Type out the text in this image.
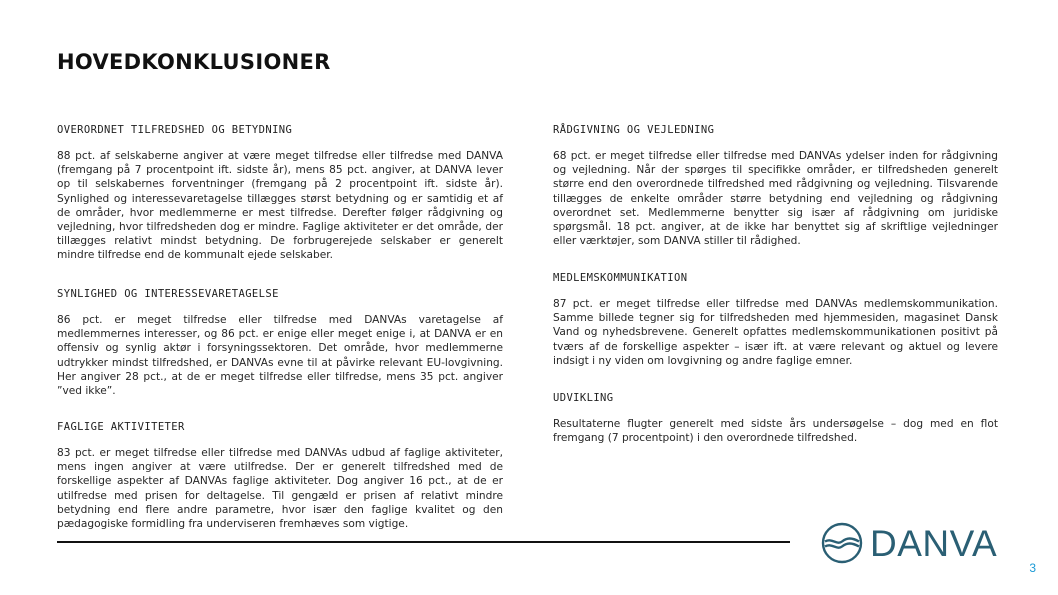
HOVEDKONKLUSIONER

OVERORDNET TILFREDSHED OG BETYDNING

88 pct. af selskaberne angiver at være meget tilfredse eller tilfredse med DANVA (fremgang på 7 procentpoint ift. sidste år), mens 85 pct. angiver, at DANVA lever op til selskabernes forventninger (fremgang på 2 procentpoint ift. sidste år). Synlighed og interessevaretagelse tillægges størst betydning og er samtidig et af de områder, hvor medlemmerne er mest tilfredse. Derefter følger rådgivning og vejledning, hvor tilfredsheden dog er mindre. Faglige aktiviteter er det område, der tillægges relativt mindst betydning. De forbrugerejede selskaber er generelt mindre tilfredse end de kommunalt ejede selskaber.

SYNLIGHED OG INTERESSEVARETAGELSE

86 pct. er meget tilfredse eller tilfredse med DANVAs varetagelse af medlemmernes interesser, og 86 pct. er enige eller meget enige i, at DANVA er en offensiv og synlig aktør i forsyningssektoren. Det område, hvor medlemmerne udtrykker mindst tilfredshed, er DANVAs evne til at påvirke relevant EU-lovgivning. Her angiver 28 pct., at de er meget tilfredse eller tilfredse, mens 35 pct. angiver ”ved ikke”.

FAGLIGE AKTIVITETER

83 pct. er meget tilfredse eller tilfredse med DANVAs udbud af faglige aktiviteter, mens ingen angiver at være utilfredse. Der er generelt tilfredshed med de forskellige aspekter af DANVAs faglige aktiviteter. Dog angiver 16 pct., at de er utilfredse med prisen for deltagelse. Til gengæld er prisen af relativt mindre betydning end flere andre parametre, hvor især den faglige kvalitet og den pædagogiske formidling fra underviseren fremhæves som vigtige.

RÅDGIVNING OG VEJLEDNING

68 pct. er meget tilfredse eller tilfredse med DANVAs ydelser inden for rådgivning og vejledning. Når der spørges til specifikke områder, er tilfredsheden generelt større end den overordnede tilfredshed med rådgivning og vejledning. Tilsvarende tillægges de enkelte områder større betydning end vejledning og rådgivning overordnet set. Medlemmerne benytter sig især af rådgivning om juridiske spørgsmål. 18 pct. angiver, at de ikke har benyttet sig af skriftlige vejledninger eller værktøjer, som DANVA stiller til rådighed.

MEDLEMSKOMMUNIKATION

87 pct. er meget tilfredse eller tilfredse med DANVAs medlemskommunikation. Samme billede tegner sig for tilfredsheden med hjemmesiden, magasinet Dansk Vand og nyhedsbrevene. Generelt opfattes medlemskommunikationen positivt på tværs af de forskellige aspekter – især ift. at være relevant og aktuel og levere indsigt i ny viden om lovgivning og andre faglige emner.

UDVIKLING

Resultaterne flugter generelt med sidste års undersøgelse – dog med en flot fremgang (7 procentpoint) i den overordnede tilfredshed.

DANVA
3
